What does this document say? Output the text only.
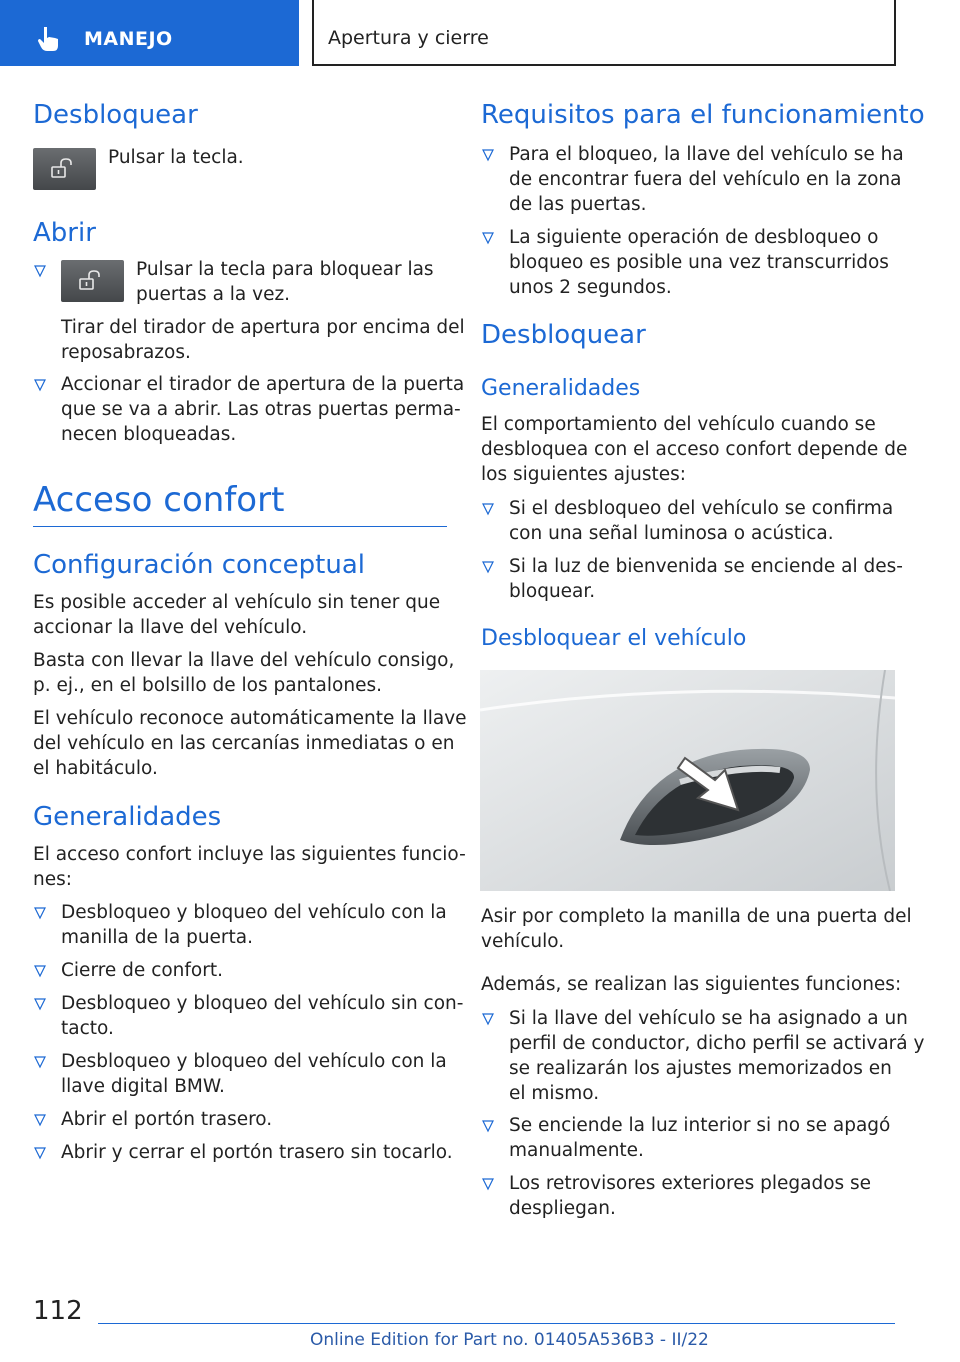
MANEJO	Apertura y cierre
Desbloquear
Pulsar la tecla.
Abrir
Pulsar la tecla para bloquear las
puertas a la vez.
Tirar del tirador de apertura por encima del
reposabrazos.
Accionar el tirador de apertura de la puerta
que se va a abrir. Las otras puertas perma-
necen bloqueadas.
Acceso confort
Configuración conceptual
Es posible acceder al vehículo sin tener que
accionar la llave del vehículo.
Basta con llevar la llave del vehículo consigo,
p. ej., en el bolsillo de los pantalones.
El vehículo reconoce automáticamente la llave
del vehículo en las cercanías inmediatas o en
el habitáculo.
Generalidades
El acceso confort incluye las siguientes funcio-
nes:
Desbloqueo y bloqueo del vehículo con la
manilla de la puerta.
Cierre de confort.
Desbloqueo y bloqueo del vehículo sin con-
tacto.
Desbloqueo y bloqueo del vehículo con la
llave digital BMW.
Abrir el portón trasero.
Abrir y cerrar el portón trasero sin tocarlo.
Requisitos para el funcionamiento
Para el bloqueo, la llave del vehículo se ha
de encontrar fuera del vehículo en la zona
de las puertas.
La siguiente operación de desbloqueo o
bloqueo es posible una vez transcurridos
unos 2 segundos.
Desbloquear
Generalidades
El comportamiento del vehículo cuando se
desbloquea con el acceso confort depende de
los siguientes ajustes:
Si el desbloqueo del vehículo se confirma
con una señal luminosa o acústica.
Si la luz de bienvenida se enciende al des-
bloquear.
Desbloquear el vehículo
Asir por completo la manilla de una puerta del
vehículo.
Además, se realizan las siguientes funciones:
Si la llave del vehículo se ha asignado a un
perfil de conductor, dicho perfil se activará y
se realizarán los ajustes memorizados en
el mismo.
Se enciende la luz interior si no se apagó
manualmente.
Los retrovisores exteriores plegados se
despliegan.
112
Online Edition for Part no. 01405A536B3 - II/22
